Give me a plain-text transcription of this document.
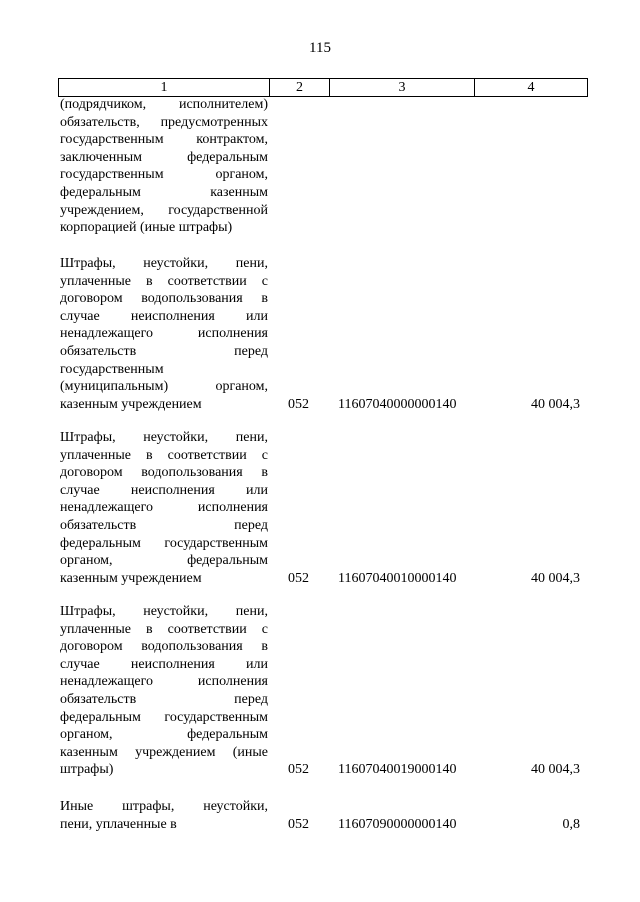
115
1	2	3	4
(подрядчиком, исполнителем)
обязательств, предусмотренных
государственным контрактом,
заключенным федеральным
государственным органом,
федеральным казенным
учреждением, государственной
корпорацией (иные штрафы)
Штрафы, неустойки, пени,
уплаченные в соответствии с
договором водопользования в
случае неисполнения или
ненадлежащего исполнения
обязательств перед
государственным
(муниципальным) органом,
казенным учреждением	052	11607040000000140	40 004,3
Штрафы, неустойки, пени,
уплаченные в соответствии с
договором водопользования в
случае неисполнения или
ненадлежащего исполнения
обязательств перед
федеральным государственным
органом, федеральным
казенным учреждением	052	11607040010000140	40 004,3
Штрафы, неустойки, пени,
уплаченные в соответствии с
договором водопользования в
случае неисполнения или
ненадлежащего исполнения
обязательств перед
федеральным государственным
органом, федеральным
казенным учреждением (иные
штрафы)	052	11607040019000140	40 004,3
Иные штрафы, неустойки,
пени, уплаченные в	052	11607090000000140	0,8
